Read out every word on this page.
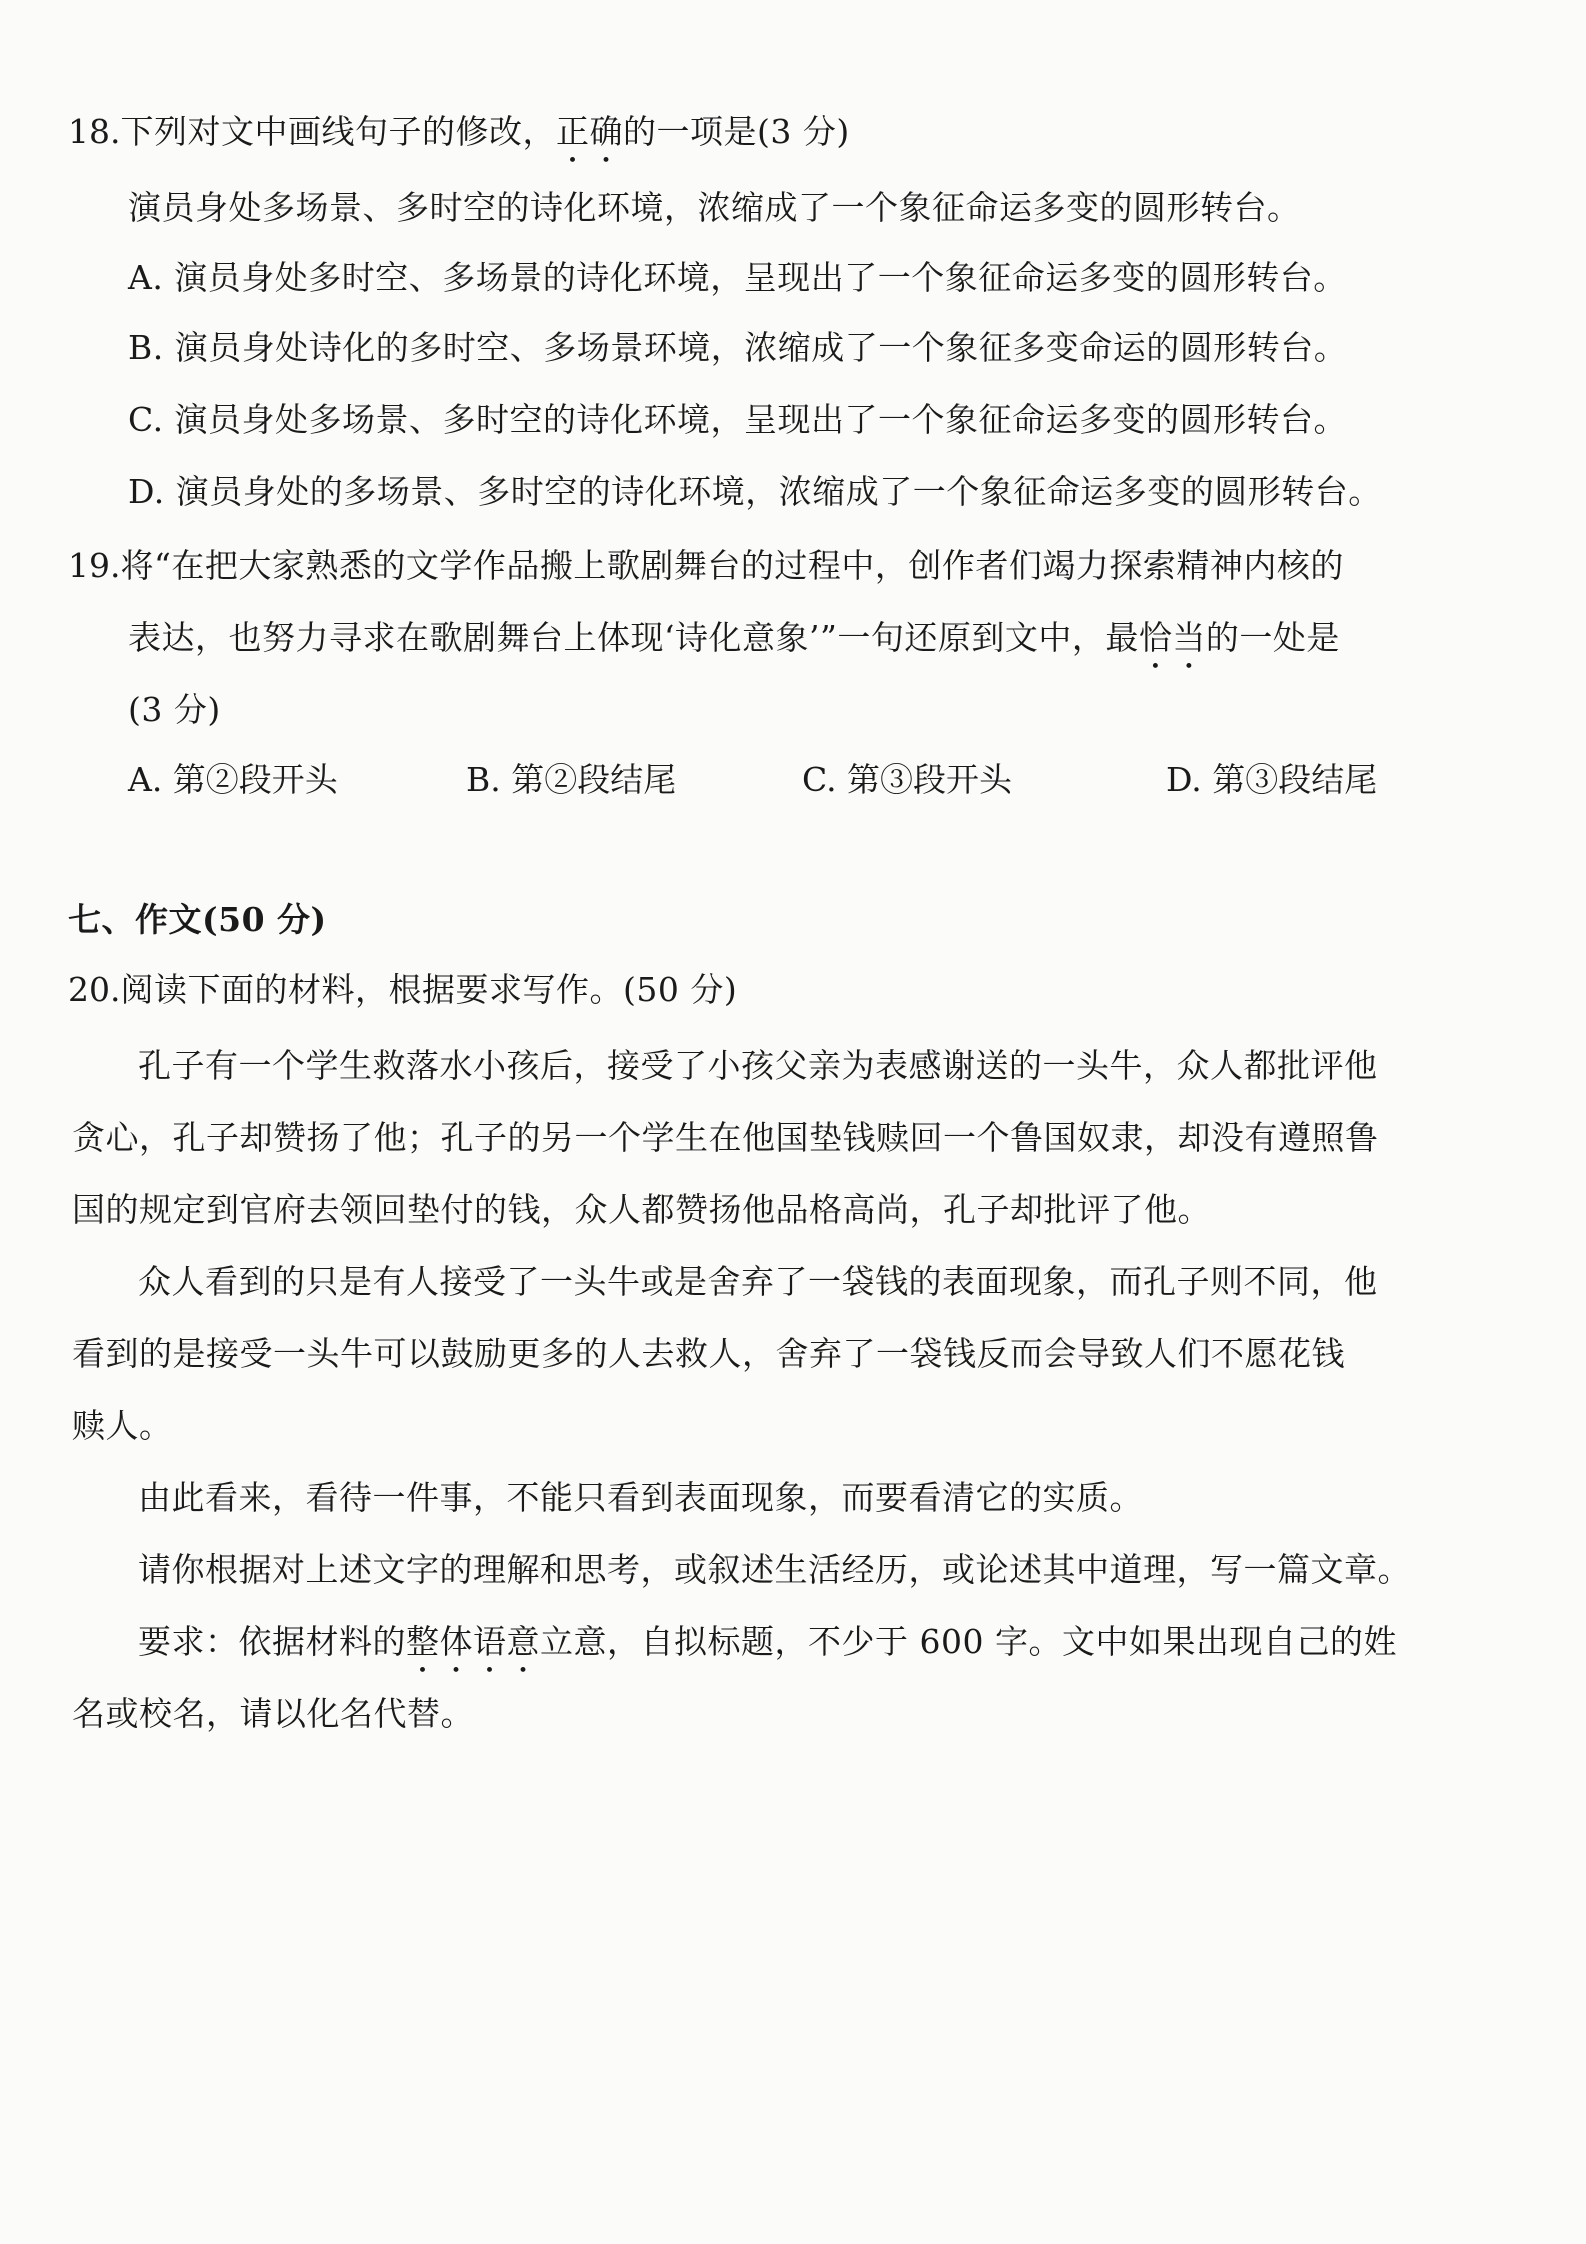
18.下列对文中画线句子的修改，正确的一项是(3 分)
演员身处多场景、多时空的诗化环境，浓缩成了一个象征命运多变的圆形转台。
A. 演员身处多时空、多场景的诗化环境，呈现出了一个象征命运多变的圆形转台。
B. 演员身处诗化的多时空、多场景环境，浓缩成了一个象征多变命运的圆形转台。
C. 演员身处多场景、多时空的诗化环境，呈现出了一个象征命运多变的圆形转台。
D. 演员身处的多场景、多时空的诗化环境，浓缩成了一个象征命运多变的圆形转台。
19.将“在把大家熟悉的文学作品搬上歌剧舞台的过程中，创作者们竭力探索精神内核的
表达，也努力寻求在歌剧舞台上体现‘诗化意象’”一句还原到文中，最恰当的一处是
(3 分)
A. 第②段开头	B. 第②段结尾	C. 第③段开头	D. 第③段结尾
七、作文(50 分)
20.阅读下面的材料，根据要求写作。(50 分)
孔子有一个学生救落水小孩后，接受了小孩父亲为表感谢送的一头牛，众人都批评他
贪心，孔子却赞扬了他；孔子的另一个学生在他国垫钱赎回一个鲁国奴隶，却没有遵照鲁
国的规定到官府去领回垫付的钱，众人都赞扬他品格高尚，孔子却批评了他。
众人看到的只是有人接受了一头牛或是舍弃了一袋钱的表面现象，而孔子则不同，他
看到的是接受一头牛可以鼓励更多的人去救人，舍弃了一袋钱反而会导致人们不愿花钱
赎人。
由此看来，看待一件事，不能只看到表面现象，而要看清它的实质。
请你根据对上述文字的理解和思考，或叙述生活经历，或论述其中道理，写一篇文章。
要求：依据材料的整体语意立意，自拟标题，不少于 600 字。文中如果出现自己的姓
名或校名，请以化名代替。
